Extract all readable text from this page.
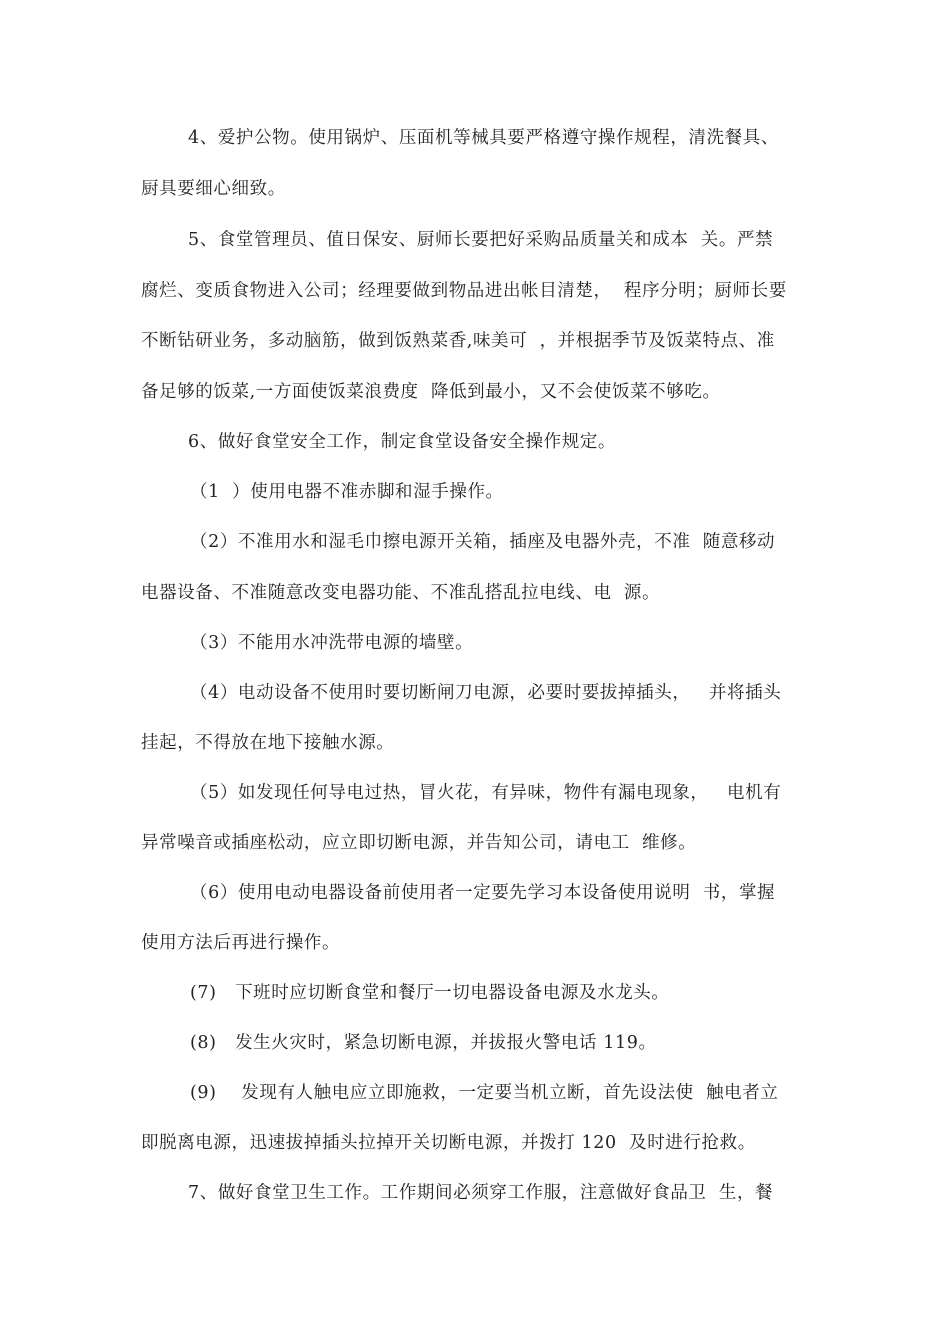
4、爱护公物。使用锅炉、压面机等械具要严格遵守操作规程，清洗餐具、
厨具要细心细致。
5、食堂管理员、值日保安、厨师长要把好采购品质量关和成本  关。严禁
腐烂、变质食物进入公司；经理要做到物品进出帐目清楚，  程序分明；厨师长要
不断钻研业务，多动脑筋，做到饭熟菜香,味美可  ，并根据季节及饭菜特点、准
备足够的饭菜,一方面使饭菜浪费度  降低到最小，又不会使饭菜不够吃。
6、做好食堂安全工作，制定食堂设备安全操作规定。
（1  ）使用电器不准赤脚和湿手操作。
（2）不准用水和湿毛巾擦电源开关箱，插座及电器外壳，不准  随意移动
电器设备、不准随意改变电器功能、不准乱搭乱拉电线、电  源。
（3）不能用水冲洗带电源的墙壁。
（4）电动设备不使用时要切断闸刀电源，必要时要拔掉插头，   并将插头
挂起，不得放在地下接触水源。
（5）如发现任何导电过热，冒火花，有异味，物件有漏电现象，   电机有
异常噪音或插座松动，应立即切断电源，并告知公司，请电工  维修。
（6）使用电动电器设备前使用者一定要先学习本设备使用说明  书，掌握
使用方法后再进行操作。
(7)   下班时应切断食堂和餐厅一切电器设备电源及水龙头。
(8)   发生火灾时，紧急切断电源，并拔报火警电话 119。
(9)    发现有人触电应立即施救，一定要当机立断，首先设法使  触电者立
即脱离电源，迅速拔掉插头拉掉开关切断电源，并拨打 120  及时进行抢救。
7、做好食堂卫生工作。工作期间必须穿工作服，注意做好食品卫  生，餐
